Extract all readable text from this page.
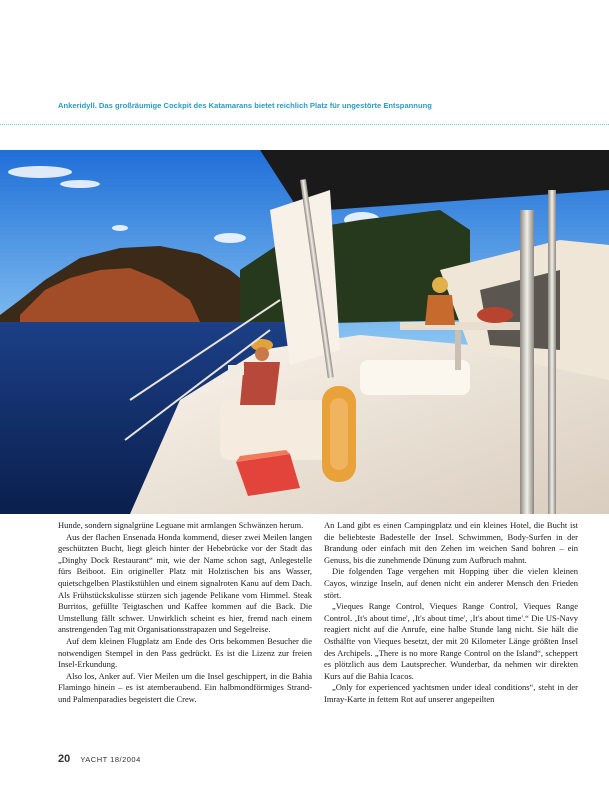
Ankeridyll. Das großräumige Cockpit des Katamarans bietet reichlich Platz für ungestörte Entspannung

Hunde, sondern signalgrüne Leguane mit armlangen Schwänzen herum.

Aus der flachen Ensenada Honda kommend, dieser zwei Meilen langen geschützten Bucht, liegt gleich hinter der Hebebrücke vor der Stadt das „Dinghy Dock Restaurant“ mit, wie der Name schon sagt, Anlegestelle fürs Beiboot. Ein origineller Platz mit Holztischen bis ans Wasser, quietschgelben Plastikstühlen und einem signalroten Kanu auf dem Dach. Als Frühstückskulisse stürzen sich jagende Pelikane vom Himmel. Steak Burritos, gefüllte Teigtaschen und Kaffee kommen auf die Back. Die Umstellung fällt schwer. Unwirklich scheint es hier, fremd nach einem anstrengenden Tag mit Organisationsstrapazen und Segelreise.

Auf dem kleinen Flugplatz am Ende des Orts bekommen Besucher die notwendigen Stempel in den Pass gedrückt. Es ist die Lizenz zur freien Insel-Erkundung.

Also los, Anker auf. Vier Meilen um die Insel geschippert, in die Bahia Flamingo hinein – es ist atemberaubend. Ein halbmondförmiges Strand- und Palmenparadies begeistert die Crew.

An Land gibt es einen Campingplatz und ein kleines Hotel, die Bucht ist die beliebteste Badestelle der Insel. Schwimmen, Body-Surfen in der Brandung oder einfach mit den Zehen im weichen Sand bohren – ein Genuss, bis die zunehmende Dünung zum Aufbruch mahnt.

Die folgenden Tage vergehen mit Hopping über die vielen kleinen Cayos, winzige Inseln, auf denen nicht ein anderer Mensch den Frieden stört.

„Vieques Range Control, Vieques Range Control, Vieques Range Control. ‚It's about time', ‚It's about time', ‚It's about time'.“ Die US-Navy reagiert nicht auf die Anrufe, eine halbe Stunde lang nicht. Sie hält die Osthälfte von Vieques besetzt, der mit 20 Kilometer Länge größten Insel des Archipels. „There is no more Range Control on the Island“, scheppert es plötzlich aus dem Lautsprecher. Wunderbar, da nehmen wir direkten Kurs auf die Bahia Icacos.

„Only for experienced yachtsmen under ideal conditions“, steht in der Imray-Karte in fettem Rot auf unserer angepeilten

20 YACHT 18/2004
